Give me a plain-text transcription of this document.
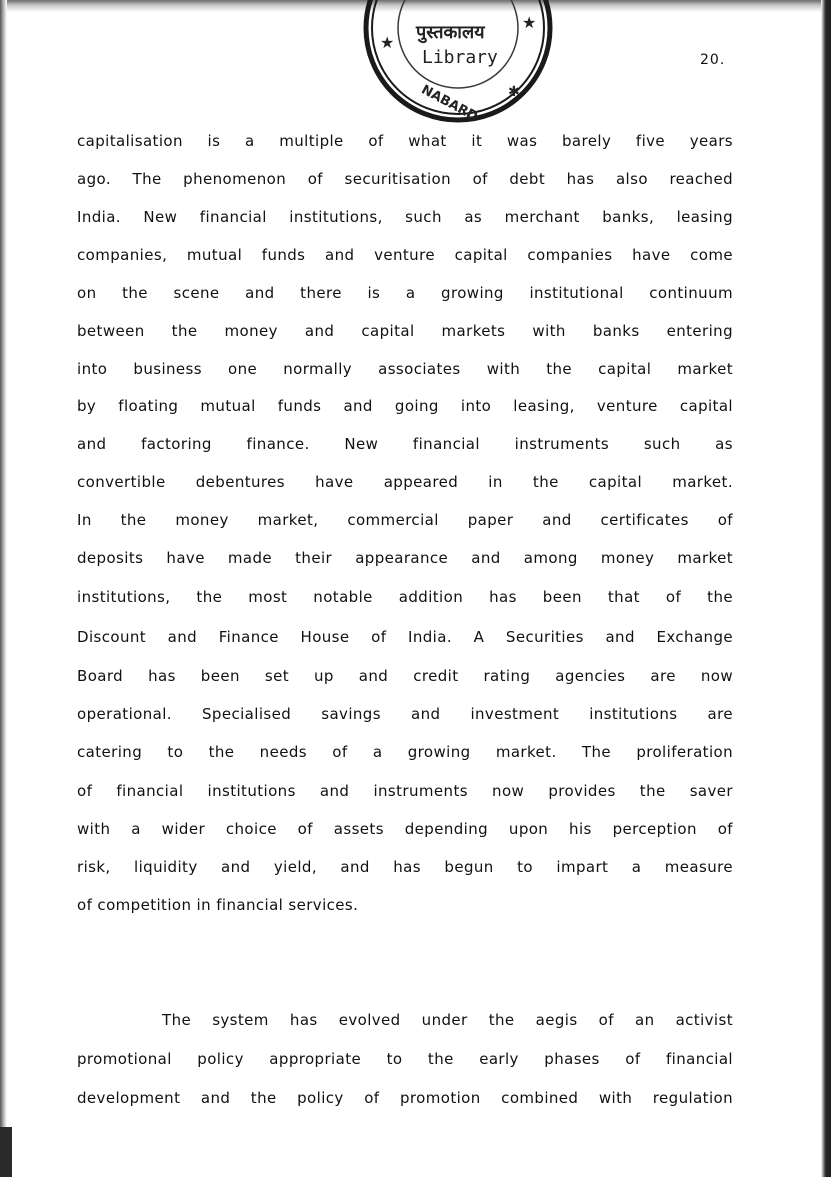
★
★
पुस्तकालय
Library
NABARD ✱
20.
capitalisation is a multiple of what it was barely five years
ago. The phenomenon of securitisation of debt has also reached
India. New financial institutions, such as merchant banks, leasing
companies, mutual funds and venture capital companies have come
on the scene and there is a growing institutional continuum
between the money and capital markets with banks entering
into business one normally associates with the capital market
by floating mutual funds and going into leasing, venture capital
and factoring finance. New financial instruments such as
convertible debentures have appeared in the capital market.
In the money market, commercial paper and certificates of
deposits have made their appearance and among money market
institutions, the most notable addition has been that of the
Discount and Finance House of India. A Securities and Exchange
Board has been set up and credit rating agencies are now
operational. Specialised savings and investment institutions are
catering to the needs of a growing market. The proliferation
of financial institutions and instruments now provides the saver
with a wider choice of assets depending upon his perception of
risk, liquidity and yield, and has begun to impart a measure
of competition in financial services.
The system has evolved under the aegis of an activist
promotional policy appropriate to the early phases of financial
development and the policy of promotion combined with regulation
